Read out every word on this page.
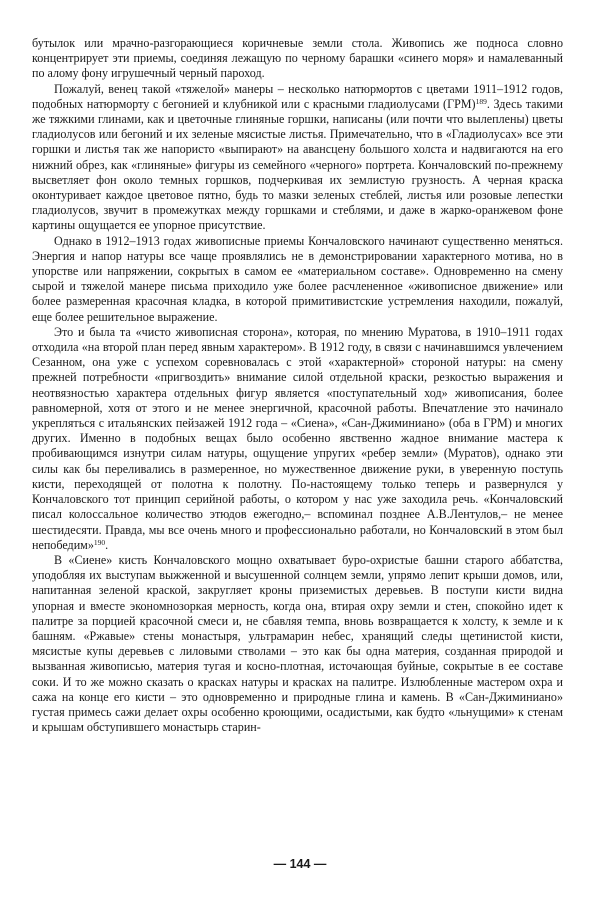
бутылок или мрачно-разгорающиеся коричневые земли стола. Живопись же подноса словно концентрирует эти приемы, соединяя лежащую по черному барашки «синего моря» и намалеванный по алому фону игрушечный черный пароход.

Пожалуй, венец такой «тяжелой» манеры – несколько натюрмортов с цветами 1911–1912 годов, подобных натюрморту с бегонией и клубникой или с красными гладиолусами (ГРМ)$^{189}$. Здесь такими же тяжкими глинами, как и цветочные глиняные горшки, написаны (или почти что вылеплены) цветы гладиолусов или бегоний и их зеленые мясистые листья. Примечательно, что в «Гладиолусах» все эти горшки и листья так же напористо «выпирают» на авансцену большого холста и надвигаются на его нижний обрез, как «глиняные» фигуры из семейного «черного» портрета. Кончаловский по-прежнему высветляет фон около темных горшков, подчеркивая их землистую грузность. А черная краска оконтуривает каждое цветовое пятно, будь то мазки зеленых стеблей, листья или розовые лепестки гладиолусов, звучит в промежутках между горшками и стеблями, и даже в жарко-оранжевом фоне картины ощущается ее упорное присутствие.

Однако в 1912–1913 годах живописные приемы Кончаловского начинают существенно меняться. Энергия и напор натуры все чаще проявлялись не в демонстрировании характерного мотива, но в упорстве или напряжении, сокрытых в самом ее «материальном составе». Одновременно на смену сырой и тяжелой манере письма приходило уже более расчлененное «живописное движение» или более размеренная красочная кладка, в которой примитивистские устремления находили, пожалуй, еще более решительное выражение.

Это и была та «чисто живописная сторона», которая, по мнению Муратова, в 1910–1911 годах отходила «на второй план перед явным характером». В 1912 году, в связи с начинавшимся увлечением Сезанном, она уже с успехом соревновалась с этой «характерной» стороной натуры: на смену прежней потребности «пригвоздить» внимание силой отдельной краски, резкостью выражения и неотвязностью характера отдельных фигур является «поступательный ход» живописания, более равномерной, хотя от этого и не менее энергичной, красочной работы. Впечатление это начинало укрепляться с итальянских пейзажей 1912 года – «Сиена», «Сан-Джиминиано» (оба в ГРМ) и многих других. Именно в подобных вещах было особенно явственно жадное внимание мастера к пробивающимся изнутри силам натуры, ощущение упругих «ребер земли» (Муратов), однако эти силы как бы переливались в размеренное, но мужественное движение руки, в уверенную поступь кисти, переходящей от полотна к полотну. По-настоящему только теперь и развернулся у Кончаловского тот принцип серийной работы, о котором у нас уже заходила речь. «Кончаловский писал колоссальное количество этюдов ежегодно,– вспоминал позднее А.В.Лентулов,– не менее шестидесяти. Правда, мы все очень много и профессионально работали, но Кончаловский в этом был непобедим»$^{190}$.

В «Сиене» кисть Кончаловского мощно охватывает буро-охристые башни старого аббатства, уподобляя их выступам выжженной и высушенной солнцем земли, упрямо лепит крыши домов, или, напитанная зеленой краской, закругляет кроны приземистых деревьев. В поступи кисти видна упорная и вместе экономнозоркая мерность, когда она, втирая охру земли и стен, спокойно идет к палитре за порцией красочной смеси и, не сбавляя темпа, вновь возвращается к холсту, к земле и к башням. «Ржавые» стены монастыря, ультрамарин небес, хранящий следы щетинистой кисти, мясистые купы деревьев с лиловыми стволами – это как бы одна материя, созданная природой и вызванная живописью, материя тугая и косно-плотная, источающая буйные, сокрытые в ее составе соки. И то же можно сказать о красках натуры и красках на палитре. Излюбленные мастером охра и сажа на конце его кисти – это одновременно и природные глина и камень. В «Сан-Джиминиано» густая примесь сажи делает охры особенно кроющими, осадистыми, как будто «льнущими» к стенам и крышам обступившего монастырь старин-

— 144 —
